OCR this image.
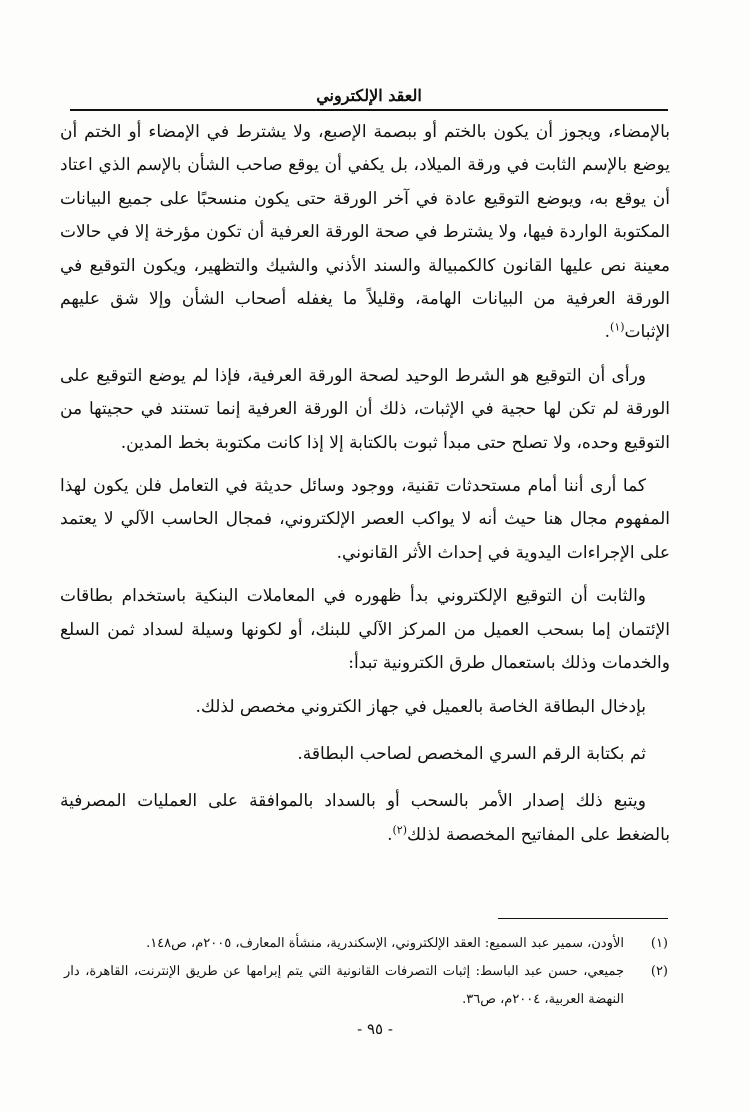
العقد الإلكتروني

بالإمضاء، ويجوز أن يكون بالختم أو ببصمة الإصبع، ولا يشترط في الإمضاء أو الختم أن يوضع بالإسم الثابت في ورقة الميلاد، بل يكفي أن يوقع صاحب الشأن بالإسم الذي اعتاد أن يوقع به، ويوضع التوقيع عادة في آخر الورقة حتى يكون منسحبًا على جميع البيانات المكتوبة الواردة فيها، ولا يشترط في صحة الورقة العرفية أن تكون مؤرخة إلا في حالات معينة نص عليها القانون كالكمبيالة والسند الأذني والشيك والتظهير، ويكون التوقيع في الورقة العرفية من البيانات الهامة، وقليلاً ما يغفله أصحاب الشأن وإلا شق عليهم الإثبات$^{(١)}$.

ورأى أن التوقيع هو الشرط الوحيد لصحة الورقة العرفية، فإذا لم يوضع التوقيع على الورقة لم تكن لها حجية في الإثبات، ذلك أن الورقة العرفية إنما تستند في حجيتها من التوقيع وحده، ولا تصلح حتى مبدأ ثبوت بالكتابة إلا إذا كانت مكتوبة بخط المدين.

كما أرى أننا أمام مستحدثات تقنية، ووجود وسائل حديثة في التعامل فلن يكون لهذا المفهوم مجال هنا حيث أنه لا يواكب العصر الإلكتروني، فمجال الحاسب الآلي لا يعتمد على الإجراءات اليدوية في إحداث الأثر القانوني.

والثابت أن التوقيع الإلكتروني بدأ ظهوره في المعاملات البنكية باستخدام بطاقات الإئتمان إما بسحب العميل من المركز الآلي للبنك، أو لكونها وسيلة لسداد ثمن السلع والخدمات وذلك باستعمال طرق الكترونية تبدأ:

بإدخال البطاقة الخاصة بالعميل في جهاز الكتروني مخصص لذلك.

ثم بكتابة الرقم السري المخصص لصاحب البطاقة.

ويتبع ذلك إصدار الأمر بالسحب أو بالسداد بالموافقة على العمليات المصرفية بالضغط على المفاتيح المخصصة لذلك$^{(٢)}$.

(١)
الأودن، سمير عبد السميع: العقد الإلكتروني، الإسكندرية، منشأة المعارف، ٢٠٠٥م، ص١٤٨.
(٢)
جميعي، حسن عبد الباسط: إثبات التصرفات القانونية التي يتم إبرامها عن طريق الإنترنت، القاهرة، دار النهضة العربية، ٢٠٠٤م، ص٣٦.
- ٩٥ -
